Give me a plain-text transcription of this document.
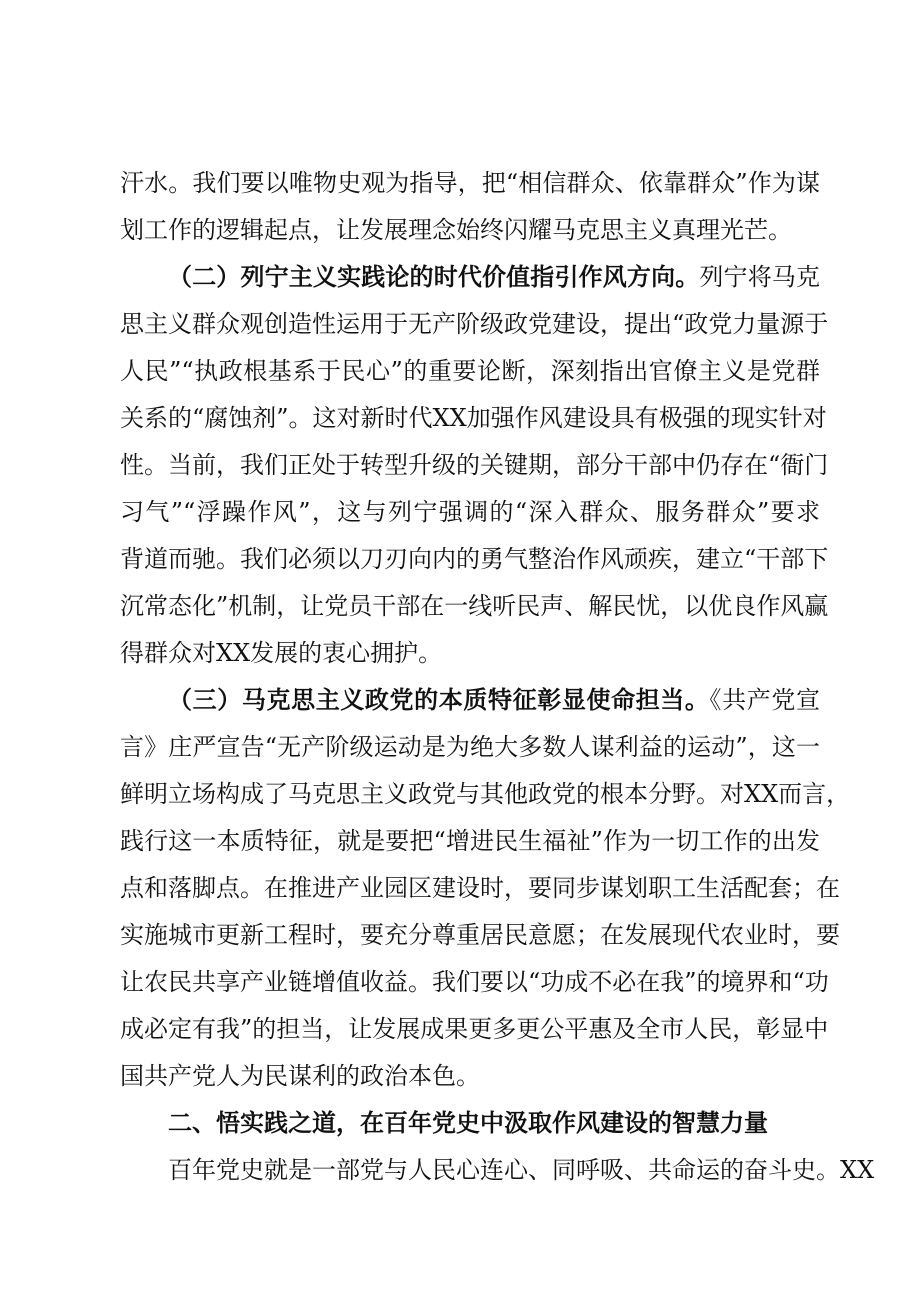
汗水。我们要以唯物史观为指导，把“相信群众、依靠群众”作为谋
划工作的逻辑起点，让发展理念始终闪耀马克思主义真理光芒。
（二）列宁主义实践论的时代价值指引作风方向。列宁将马克
思主义群众观创造性运用于无产阶级政党建设，提出“政党力量源于
人民”“执政根基系于民心”的重要论断，深刻指出官僚主义是党群
关系的“腐蚀剂”。这对新时代XX加强作风建设具有极强的现实针对
性。当前，我们正处于转型升级的关键期，部分干部中仍存在“衙门
习气”“浮躁作风”，这与列宁强调的“深入群众、服务群众”要求
背道而驰。我们必须以刀刃向内的勇气整治作风顽疾，建立“干部下
沉常态化”机制，让党员干部在一线听民声、解民忧，以优良作风赢
得群众对XX发展的衷心拥护。
（三）马克思主义政党的本质特征彰显使命担当。《共产党宣
言》庄严宣告“无产阶级运动是为绝大多数人谋利益的运动”，这一
鲜明立场构成了马克思主义政党与其他政党的根本分野。对XX而言，
践行这一本质特征，就是要把“增进民生福祉”作为一切工作的出发
点和落脚点。在推进产业园区建设时，要同步谋划职工生活配套；在
实施城市更新工程时，要充分尊重居民意愿；在发展现代农业时，要
让农民共享产业链增值收益。我们要以“功成不必在我”的境界和“功
成必定有我”的担当，让发展成果更多更公平惠及全市人民，彰显中
国共产党人为民谋利的政治本色。
二、悟实践之道，在百年党史中汲取作风建设的智慧力量
百年党史就是一部党与人民心连心、同呼吸、共命运的奋斗史。XX
